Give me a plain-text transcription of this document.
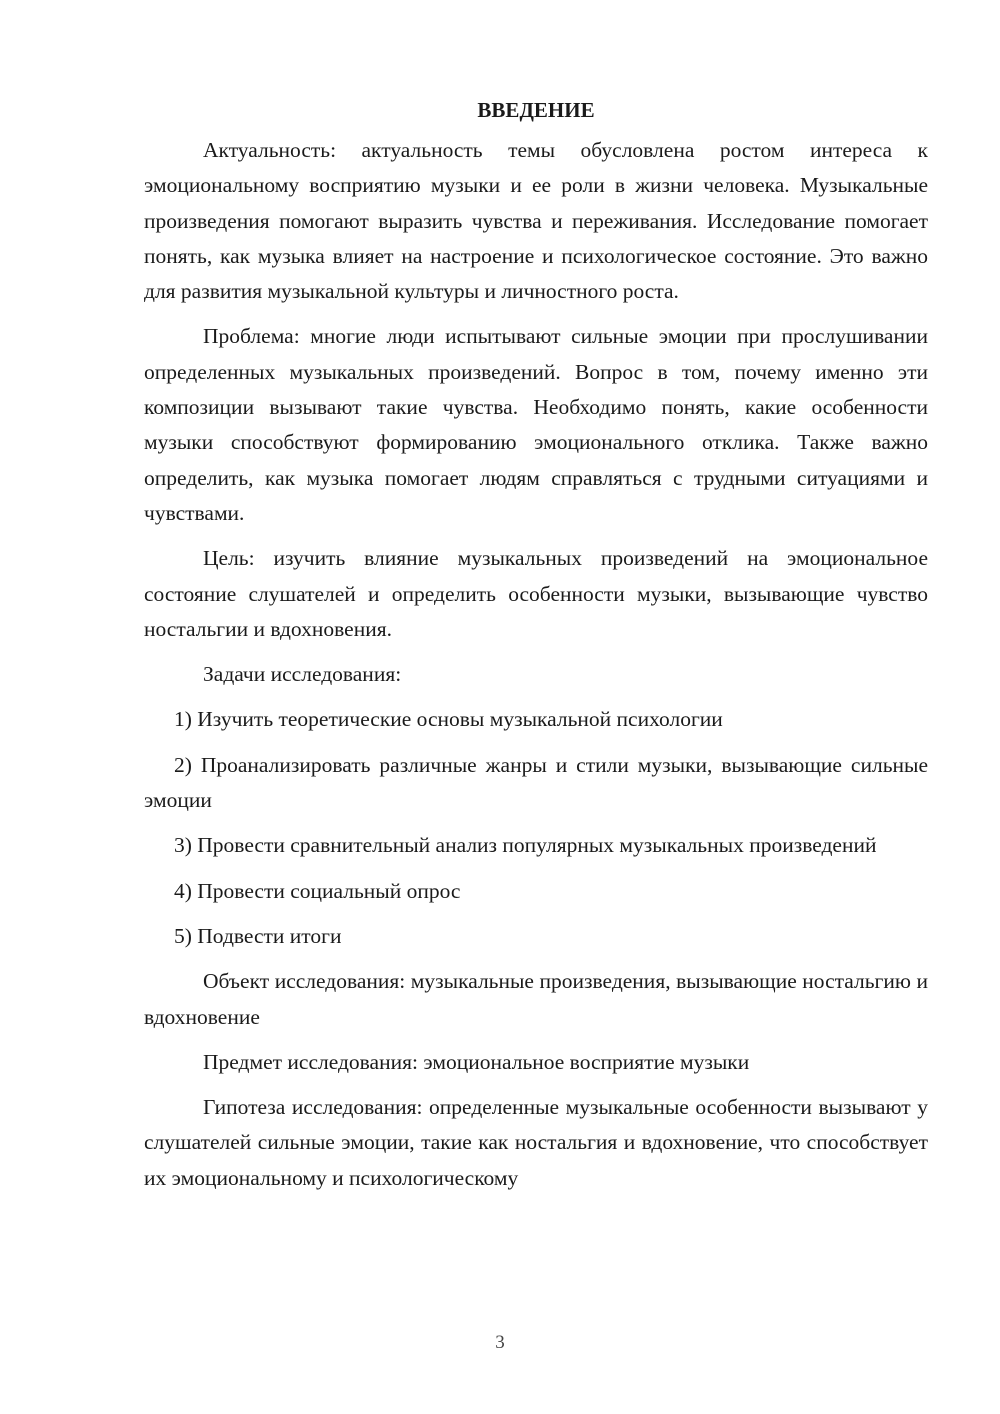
ВВЕДЕНИЕ

Актуальность: актуальность темы обусловлена ростом интереса к эмоциональному восприятию музыки и ее роли в жизни человека. Музыкальные произведения помогают выразить чувства и переживания. Исследование помогает понять, как музыка влияет на настроение и психологическое состояние. Это важно для развития музыкальной культуры и личностного роста.

Проблема: многие люди испытывают сильные эмоции при прослушивании определенных музыкальных произведений. Вопрос в том, почему именно эти композиции вызывают такие чувства. Необходимо понять, какие особенности музыки способствуют формированию эмоционального отклика. Также важно определить, как музыка помогает людям справляться с трудными ситуациями и чувствами.

Цель: изучить влияние музыкальных произведений на эмоциональное состояние слушателей и определить особенности музыки, вызывающие чувство ностальгии и вдохновения.

Задачи исследования:

1) Изучить теоретические основы музыкальной психологии

2) Проанализировать различные жанры и стили музыки, вызывающие сильные эмоции

3) Провести сравнительный анализ популярных музыкальных произведений

4) Провести социальный опрос

5) Подвести итоги

Объект исследования: музыкальные произведения, вызывающие ностальгию и вдохновение

Предмет исследования: эмоциональное восприятие музыки

Гипотеза исследования: определенные музыкальные особенности вызывают у слушателей сильные эмоции, такие как ностальгия и вдохновение, что способствует их эмоциональному и психологическому

3
